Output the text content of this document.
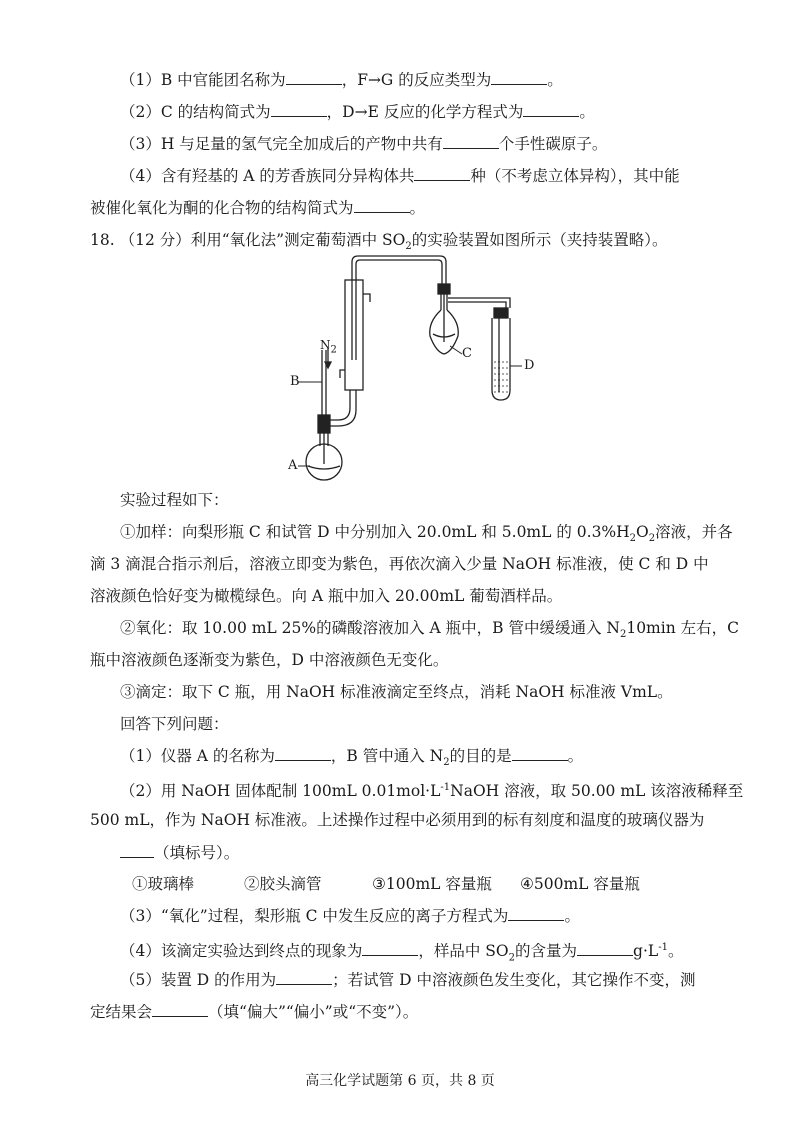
（1）B 中官能团名称为	，F→G 的反应类型为	。
（2）C 的结构简式为	，D→E 反应的化学方程式为	。
（3）H 与足量的氢气完全加成后的产物中共有	个手性碳原子。
（4）含有羟基的 A 的芳香族同分异构体共	种（不考虑立体异构），其中能
被催化氧化为酮的化合物的结构简式为	。
18. （12 分）利用“氧化法”测定葡萄酒中 $SO_2$的实验装置如图所示（夹持装置略）。
$N_2$
B
A
C
D
实验过程如下：
①加样：向梨形瓶 C 和试管 D 中分别加入 20.0mL 和 5.0mL 的 $0.3\%H_2O_2$溶液，并各
滴 3 滴混合指示剂后，溶液立即变为紫色，再依次滴入少量 NaOH 标准液，使 C 和 D 中
溶液颜色恰好变为橄榄绿色。向 A 瓶中加入 20.00mL 葡萄酒样品。
②氧化：取 10.00 mL 25%的磷酸溶液加入 A 瓶中，B 管中缓缓通入 $N_210\min$ 左右，C
瓶中溶液颜色逐渐变为紫色，D 中溶液颜色无变化。
③滴定：取下 C 瓶，用 NaOH 标准液滴定至终点，消耗 NaOH 标准液 VmL。
回答下列问题：
（1）仪器 A 的名称为	，B 管中通入 $N_2$的目的是	。
（2）用 NaOH 固体配制 100mL $0.01mol\cdot L^{-1}NaOH$ 溶液，取 50.00 mL 该溶液稀释至
500 mL，作为 NaOH 标准液。上述操作过程中必须用到的标有刻度和温度的玻璃仪器为
（填标号）。
①玻璃棒	②胶头滴管	③100mL 容量瓶 ④500mL 容量瓶
（3）“氧化”过程，梨形瓶 C 中发生反应的离子方程式为	。
（4）该滴定实验达到终点的现象为	，样品中 $SO_2$的含量为	$g\cdot L^{-1}$。
（5）装置 D 的作用为	；若试管 D 中溶液颜色发生变化，其它操作不变，测
定结果会	（填“偏大”“偏小”或“不变”）。
高三化学试题第 6 页，共 8 页
